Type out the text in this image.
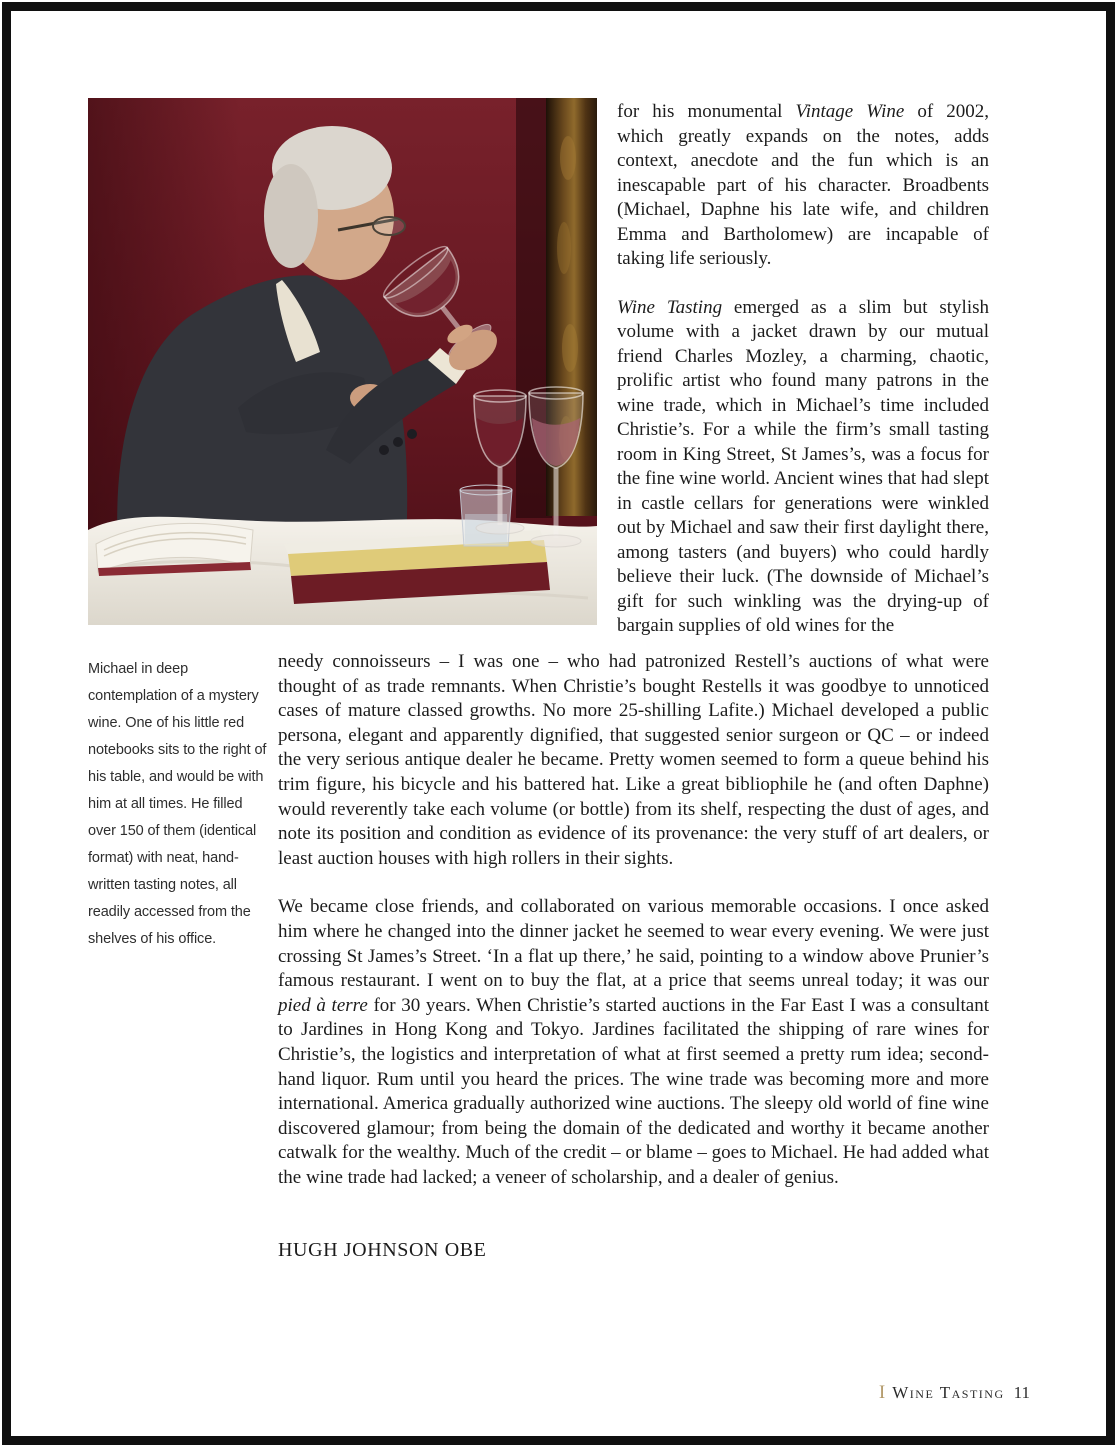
for his monumental Vintage Wine of 2002, which greatly expands on the notes, adds context, anecdote and the fun which is an inescapable part of his character. Broadbents (Michael, Daphne his late wife, and children Emma and Bartholomew) are incapable of taking life seriously.

Wine Tasting emerged as a slim but stylish volume with a jacket drawn by our mutual friend Charles Mozley, a charming, chaotic, prolific artist who found many patrons in the wine trade, which in Michael’s time included Christie’s. For a while the firm’s small tasting room in King Street, St James’s, was a focus for the fine wine world. Ancient wines that had slept in castle cellars for generations were winkled out by Michael and saw their first daylight there, among tasters (and buyers) who could hardly believe their luck. (The downside of Michael’s gift for such winkling was the drying-up of bargain supplies of old wines for the

Michael in deep contemplation of a mystery wine. One of his little red notebooks sits to the right of his table, and would be with him at all times. He filled over 150 of them (identical format) with neat, hand-written tasting notes, all readily accessed from the shelves of his office.

needy connoisseurs – I was one – who had patronized Restell’s auctions of what were thought of as trade remnants. When Christie’s bought Restells it was goodbye to unnoticed cases of mature classed growths. No more 25-shilling Lafite.) Michael developed a public persona, elegant and apparently dignified, that suggested senior surgeon or QC – or indeed the very serious antique dealer he became. Pretty women seemed to form a queue behind his trim figure, his bicycle and his battered hat. Like a great bibliophile he (and often Daphne) would reverently take each volume (or bottle) from its shelf, respecting the dust of ages, and note its position and condition as evidence of its provenance: the very stuff of art dealers, or least auction houses with high rollers in their sights.

We became close friends, and collaborated on various memorable occasions. I once asked him where he changed into the dinner jacket he seemed to wear every evening. We were just crossing St James’s Street. ‘In a flat up there,’ he said, pointing to a window above Prunier’s famous restaurant. I went on to buy the flat, at a price that seems unreal today; it was our pied à terre for 30 years. When Christie’s started auctions in the Far East I was a consultant to Jardines in Hong Kong and Tokyo. Jardines facilitated the shipping of rare wines for Christie’s, the logistics and interpretation of what at first seemed a pretty rum idea; second-hand liquor. Rum until you heard the prices. The wine trade was becoming more and more international. America gradually authorized wine auctions. The sleepy old world of fine wine discovered glamour; from being the domain of the dedicated and worthy it became another catwalk for the wealthy. Much of the credit – or blame – goes to Michael. He had added what the wine trade had lacked; a veneer of scholarship, and a dealer of genius.

HUGH JOHNSON OBE

I Wine Tasting 11
